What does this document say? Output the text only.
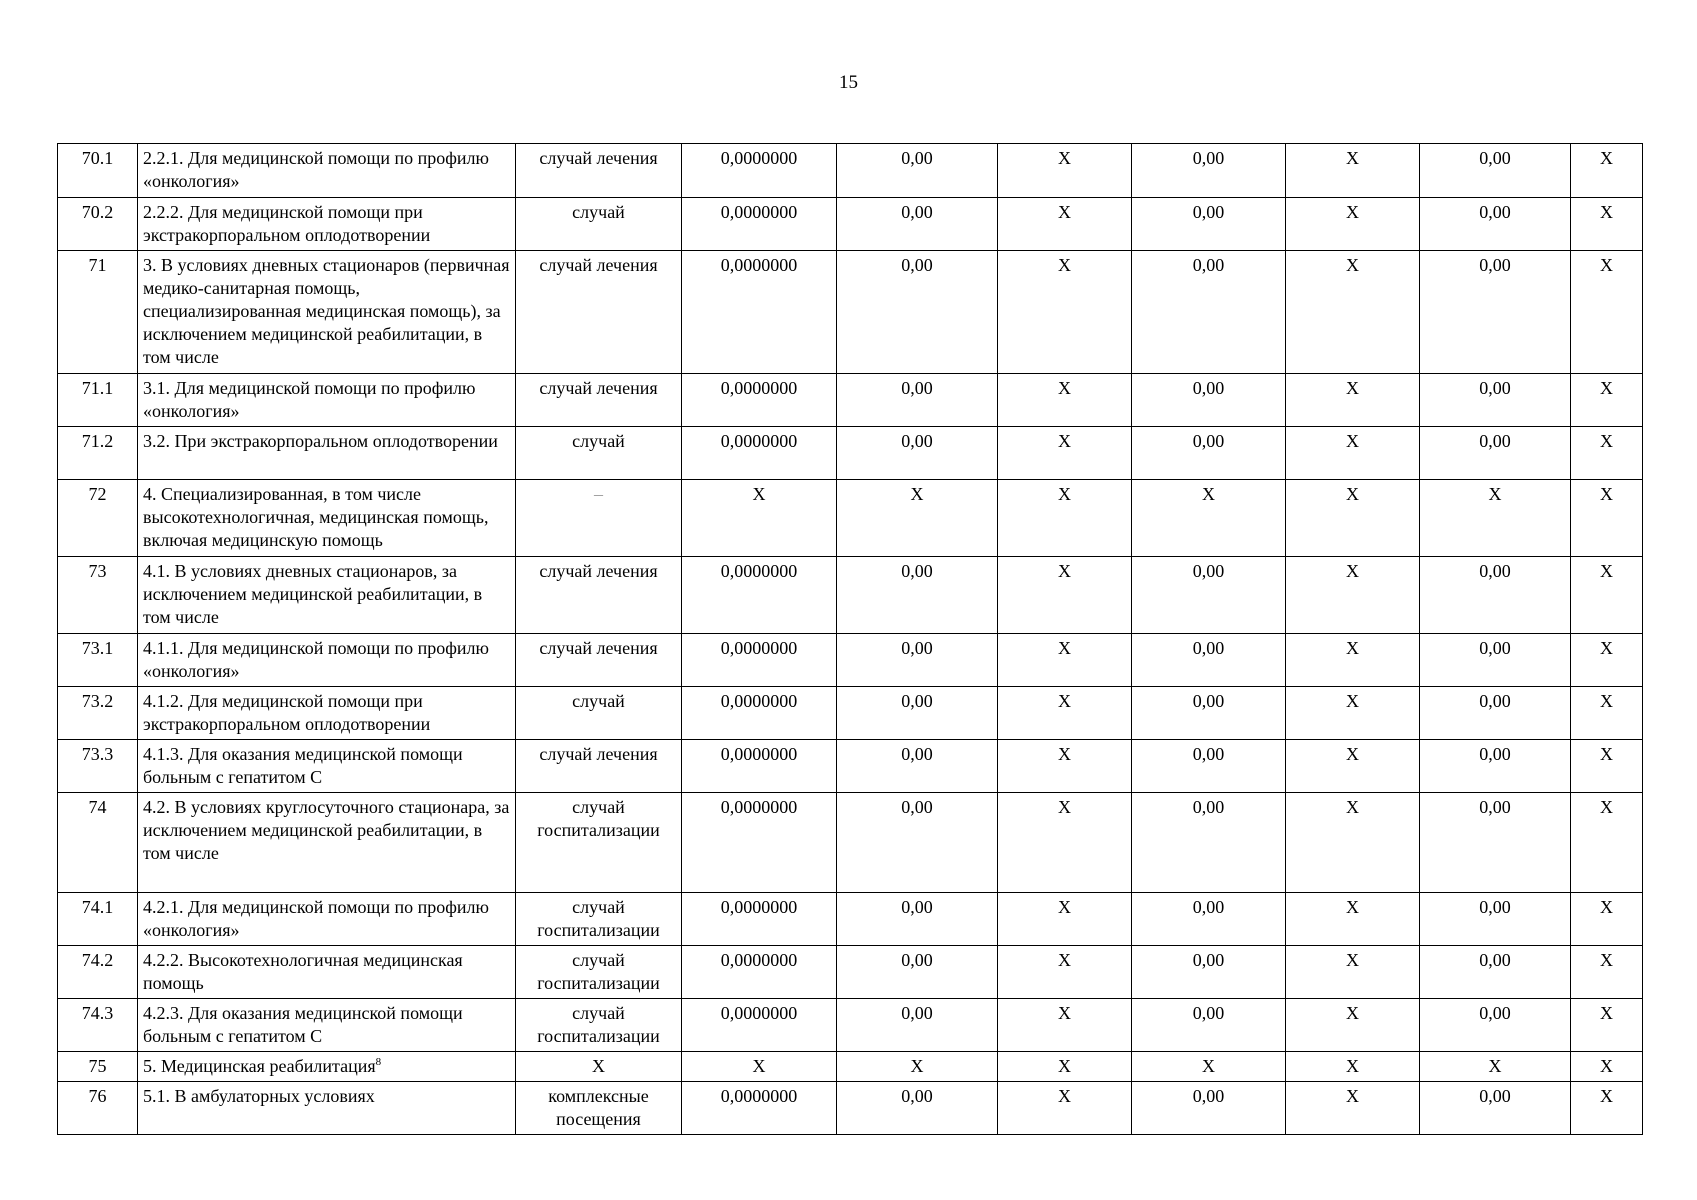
15
70.1	2.2.1. Для медицинской помощи по профилю «онкология»	случай лечения	0,0000000	0,00	X	0,00	X	0,00	X
70.2	2.2.2. Для медицинской помощи при экстракорпоральном оплодотворении	случай	0,0000000	0,00	X	0,00	X	0,00	X
71	3. В условиях дневных стационаров (первичная медико-санитарная помощь, специализированная медицинская помощь), за исключением медицинской реабилитации, в том числе	случай лечения	0,0000000	0,00	X	0,00	X	0,00	X
71.1	3.1. Для медицинской помощи по профилю «онкология»	случай лечения	0,0000000	0,00	X	0,00	X	0,00	X
71.2	3.2. При экстракорпоральном оплодотворении	случай	0,0000000	0,00	X	0,00	X	0,00	X
72	4. Специализированная, в том числе высокотехнологичная, медицинская помощь, включая медицинскую помощь	–	X	X	X	X	X	X	X
73	4.1. В условиях дневных стационаров, за исключением медицинской реабилитации, в том числе	случай лечения	0,0000000	0,00	X	0,00	X	0,00	X
73.1	4.1.1. Для медицинской помощи по профилю «онкология»	случай лечения	0,0000000	0,00	X	0,00	X	0,00	X
73.2	4.1.2. Для медицинской помощи при экстракорпоральном оплодотворении	случай	0,0000000	0,00	X	0,00	X	0,00	X
73.3	4.1.3. Для оказания медицинской помощи больным с гепатитом С	случай лечения	0,0000000	0,00	X	0,00	X	0,00	X
74	4.2. В условиях круглосуточного стационара, за исключением медицинской реабилитации, в том числе	случай госпитализации	0,0000000	0,00	X	0,00	X	0,00	X
74.1	4.2.1. Для медицинской помощи по профилю «онкология»	случай госпитализации	0,0000000	0,00	X	0,00	X	0,00	X
74.2	4.2.2. Высокотехнологичная медицинская помощь	случай госпитализации	0,0000000	0,00	X	0,00	X	0,00	X
74.3	4.2.3. Для оказания медицинской помощи больным с гепатитом С	случай госпитализации	0,0000000	0,00	X	0,00	X	0,00	X
75	5. Медицинская реабилитация$^8$	X	X	X	X	X	X	X	X
76	5.1. В амбулаторных условиях	комплексные посещения	0,0000000	0,00	X	0,00	X	0,00	X
